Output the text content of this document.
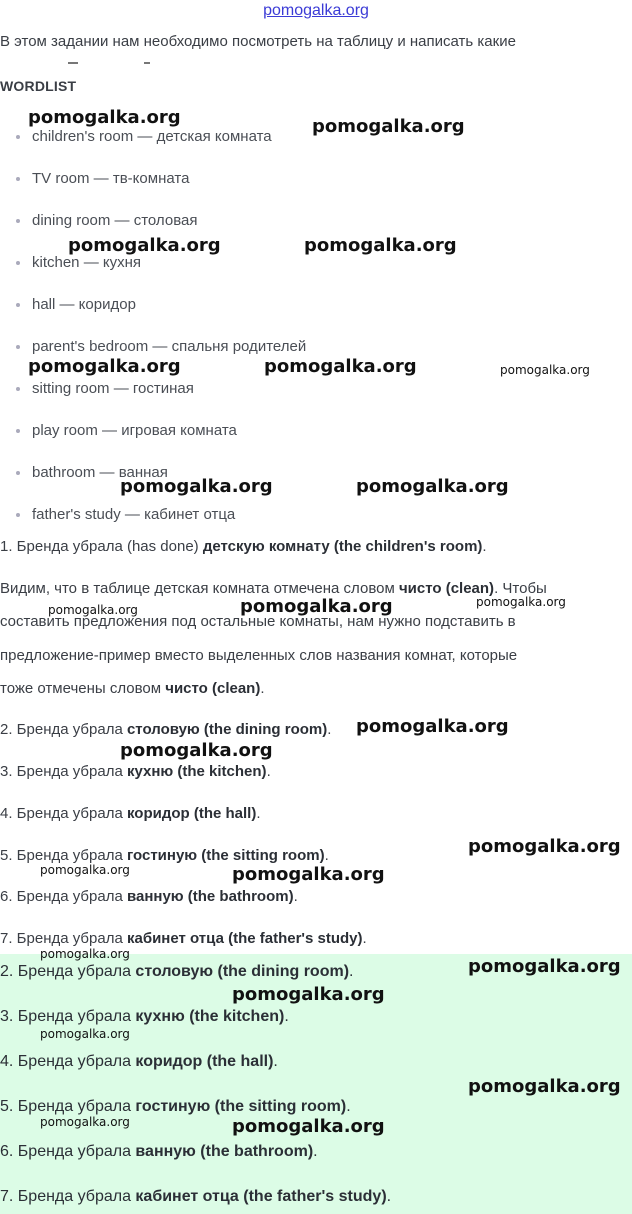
pomogalka.org
В этом задании нам необходимо посмотреть на таблицу и написать какие
WORDLIST
children's room — детская комната
TV room — тв-комната
dining room — столовая
kitchen — кухня
hall — коридор
parent's bedroom — спальня родителей
sitting room — гостиная
play room — игровая комната
bathroom — ванная
father's study — кабинет отца
1. Бренда убрала (has done) детскую комнату (the children's room).
Видим, что в таблице детская комната отмечена словом чисто (clean). Чтобы
составить предложения под остальные комнаты, нам нужно подставить в
предложение-пример вместо выделенных слов названия комнат, которые
тоже отмечены словом чисто (clean).
2. Бренда убрала столовую (the dining room).
3. Бренда убрала кухню (the kitchen).
4. Бренда убрала коридор (the hall).
5. Бренда убрала гостиную (the sitting room).
6. Бренда убрала ванную (the bathroom).
7. Бренда убрала кабинет отца (the father's study).
2. Бренда убрала столовую (the dining room).
3. Бренда убрала кухню (the kitchen).
4. Бренда убрала коридор (the hall).
5. Бренда убрала гостиную (the sitting room).
6. Бренда убрала ванную (the bathroom).
7. Бренда убрала кабинет отца (the father's study).
pomogalka.org	pomogalka.org
pomogalka.org	pomogalka.org
pomogalka.org	pomogalka.org	pomogalka.org
pomogalka.org	pomogalka.org
pomogalka.org	pomogalka.org	pomogalka.org
pomogalka.org
pomogalka.org
pomogalka.org
pomogalka.org	pomogalka.org
pomogalka.org
pomogalka.org
pomogalka.org
pomogalka.org
pomogalka.org
pomogalka.org	pomogalka.org
